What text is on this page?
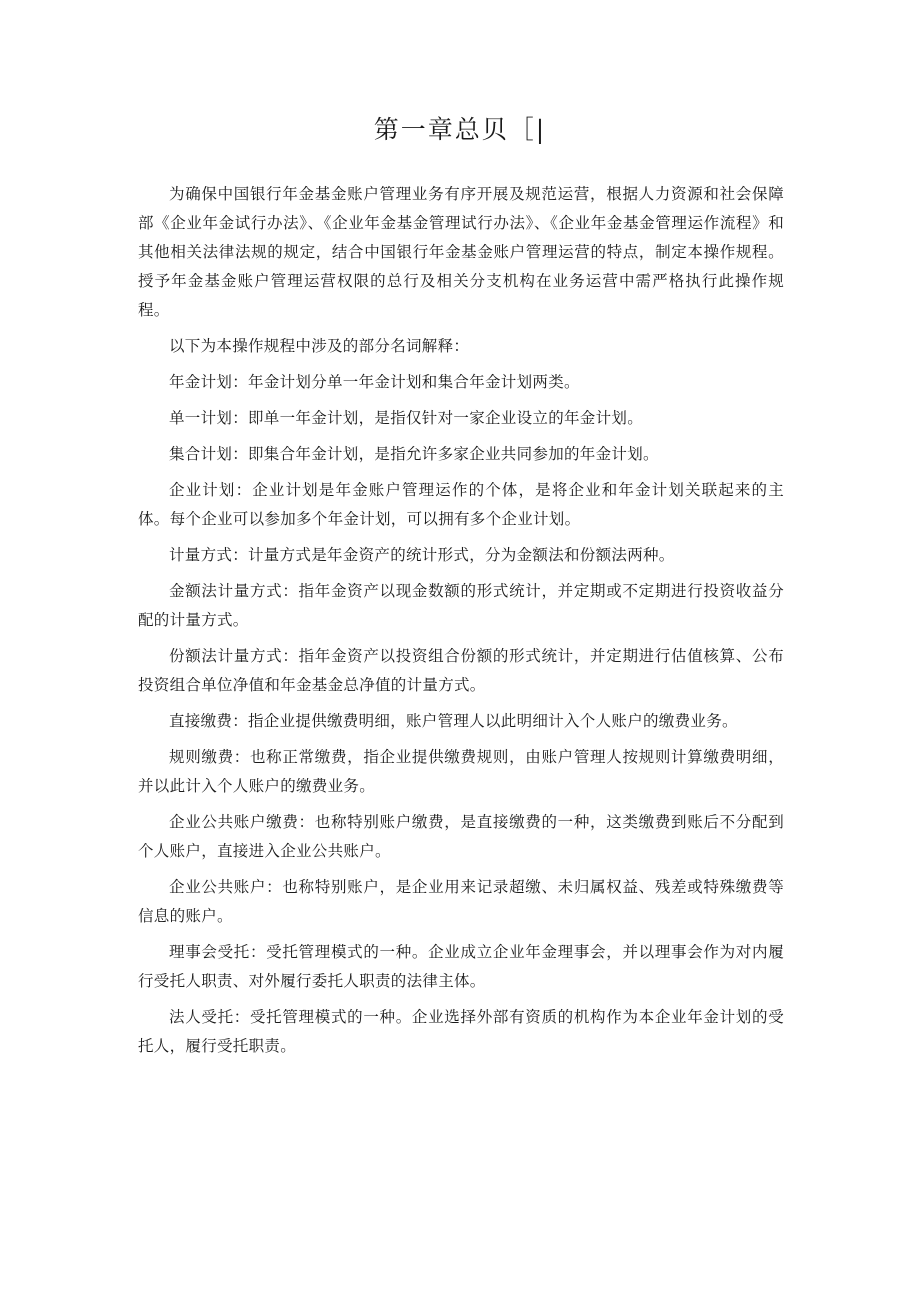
第一章总贝［|

为确保中国银行年金基金账户管理业务有序开展及规范运营，根据人力资源和社会保障部《企业年金试行办法》、《企业年金基金管理试行办法》、《企业年金基金管理运作流程》和其他相关法律法规的规定，结合中国银行年金基金账户管理运营的特点，制定本操作规程。授予年金基金账户管理运营权限的总行及相关分支机构在业务运营中需严格执行此操作规程。

以下为本操作规程中涉及的部分名词解释：

年金计划：年金计划分单一年金计划和集合年金计划两类。

单一计划：即单一年金计划，是指仅针对一家企业设立的年金计划。

集合计划：即集合年金计划，是指允许多家企业共同参加的年金计划。

企业计划：企业计划是年金账户管理运作的个体，是将企业和年金计划关联起来的主体。每个企业可以参加多个年金计划，可以拥有多个企业计划。

计量方式：计量方式是年金资产的统计形式，分为金额法和份额法两种。

金额法计量方式：指年金资产以现金数额的形式统计，并定期或不定期进行投资收益分配的计量方式。

份额法计量方式：指年金资产以投资组合份额的形式统计，并定期进行估值核算、公布投资组合单位净值和年金基金总净值的计量方式。

直接缴费：指企业提供缴费明细，账户管理人以此明细计入个人账户的缴费业务。

规则缴费：也称正常缴费，指企业提供缴费规则，由账户管理人按规则计算缴费明细，并以此计入个人账户的缴费业务。

企业公共账户缴费：也称特别账户缴费，是直接缴费的一种，这类缴费到账后不分配到个人账户，直接进入企业公共账户。

企业公共账户：也称特别账户，是企业用来记录超缴、未归属权益、残差或特殊缴费等信息的账户。

理事会受托：受托管理模式的一种。企业成立企业年金理事会，并以理事会作为对内履行受托人职责、对外履行委托人职责的法律主体。

法人受托：受托管理模式的一种。企业选择外部有资质的机构作为本企业年金计划的受托人，履行受托职责。
